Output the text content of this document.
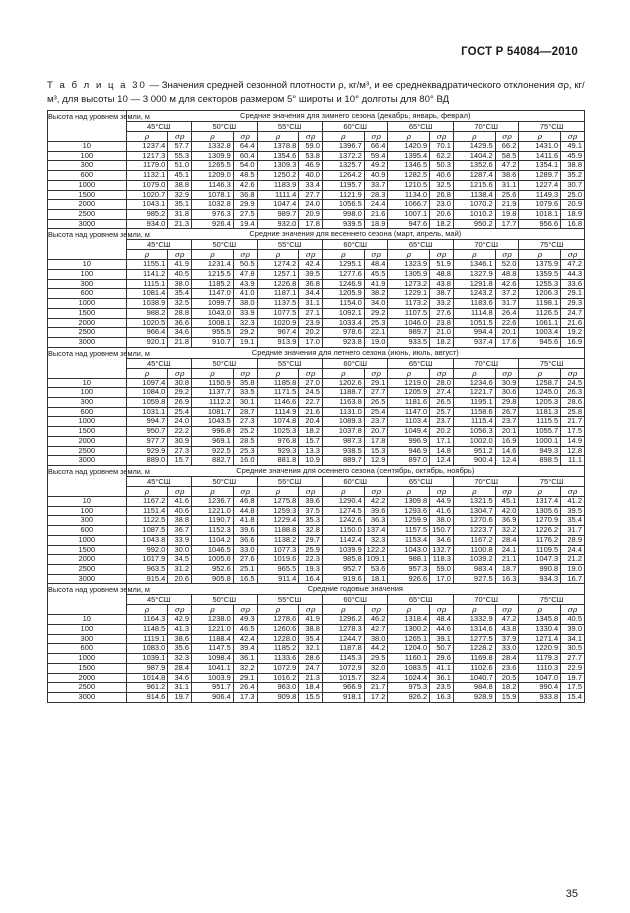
ГОСТ Р 54084—2010
Т а б л и ц а 30 — Значения средней сезонной плотности ρ, кг/м³, и ее среднеквадратического отклонения σρ, кг/м³, для высоты 10 — 3 000 м для секторов размером 5° широты и 10° долготы для 80° ВД
Высота над уровнем земли, м	Средние значения для зимнего сезона (декабрь, январь, феврал)													
	45°СШ		50°СШ		55°СШ		60°СШ		65°СШ		70°СШ		75°СШ	
	ρ	σρ	ρ	σρ	ρ	σρ	ρ	σρ	ρ	σρ	ρ	σρ	ρ	σρ
10	1237.4	57.7	1332.8	64.4	1378.8	59.0	1396.7	66.4	1420.9	70.1	1429.5	66.2	1431.0	49.1
100	1217.3	55.3	1309.9	60.4	1354.6	53.8	1372.2	59.4	1395.4	62.2	1404.2	58.5	1411.6	45.9
300	1179.0	51.0	1265.5	54.0	1309.3	46.9	1325.7	49.2	1346.5	50.3	1352.6	47.2	1354.1	38.8
600	1132.1	45.1	1209.0	48.5	1250.2	40.0	1264.2	40.9	1282.5	40.6	1287.4	38.6	1289.7	35.2
1000	1079.0	38.8	1146.3	42.6	1183.9	33.4	1195.7	33.7	1210.5	32.5	1215.6	31.1	1227.4	30.7
1500	1020.7	32.9	1078.1	36.8	1111.4	27.7	1121.9	28.3	1134.0	26.8	1138.4	25.6	1149.3	25.0
2000	1043.1	35.1	1032.8	29.9	1047.4	24.0	1056.5	24.4	1066.7	23.0	1070.2	21.9	1079.6	20.9
2500	985.2	31.8	976.3	27.5	989.7	20.9	998.0	21.6	1007.1	20.6	1010.2	19.8	1018.1	18.9
3000	934.0	21.3	926.4	19.4	932.0	17.8	939.5	18.9	947.6	18.2	950.2	17.7	956.6	16.8
Высота над уровнем земли, м	Средние значения для весеннего сезона (март, апрель, май)													
	45°СШ		50°СШ		55°СШ		60°СШ		65°СШ		70°СШ		75°СШ	
	ρ	σρ	ρ	σρ	ρ	σρ	ρ	σρ	ρ	σρ	ρ	σρ	ρ	σρ
10	1155.1	41.9	1231.4	50.5	1274.2	42.4	1295.1	48.4	1323.9	51.9	1346.1	52.0	1375.9	47.2
100	1141.2	40.5	1215.5	47.8	1257.1	39.5	1277.6	45.5	1305.9	48.8	1327.9	48.8	1359.5	44.3
300	1115.1	38.0	1185.2	43.9	1226.8	36.8	1246.9	41.9	1273.2	43.8	1291.8	42.6	1255.3	33.6
600	1081.4	35.4	1147.0	41.0	1187.1	34.4	1205.9	38.2	1229.1	38.7	1243.2	37.2	1206.3	29.1
1000	1038.9	32.5	1099.7	38.0	1137.5	31.1	1154.0	34.0	1173.2	33.2	1183.6	31.7	1198.1	29.3
1500	988.2	28.8	1043.0	33.9	1077.5	27.1	1092.1	29.2	1107.5	27.6	1114.8	26.4	1126.5	24.7
2000	1020.5	36.6	1008.1	32.3	1020.9	23.9	1033.4	25.3	1046.0	23.8	1051.5	22.6	1061.1	21.6
2500	966.4	34.6	955.5	29.2	967.4	20.2	978.6	22.1	989.7	21.0	994.4	20.1	1003.4	19.2
3000	920.1	21.8	910.7	19.1	913.9	17.0	923.8	19.0	933.5	18.2	937.4	17.6	945.6	16.9
Высота над уровнем земли, м	Средние значения для летнего сезона (июнь, июль, август)													
	45°СШ		50°СШ		55°СШ		60°СШ		65°СШ		70°СШ		75°СШ	
	ρ	σρ	ρ	σρ	ρ	σρ	ρ	σρ	ρ	σρ	ρ	σρ	ρ	σρ
10	1097.4	30.8	1150.9	35.8	1185.8	27.0	1202.6	29.1	1219.0	28.0	1234.6	30.9	1258.7	24.5
100	1084.0	29.2	1137.7	33.5	1171.5	24.5	1188.7	27.7	1205.9	27.4	1221.7	30.6	1245.0	26.3
300	1059.8	26.9	1112.2	30.1	1146.6	22.7	1163.8	26.5	1181.6	26.5	1195.1	29.8	1205.3	28.6
600	1031.1	25.4	1081.7	28.7	1114.9	21.6	1131.0	25.4	1147.0	25.7	1158.6	26.7	1181.3	25.8
1000	994.7	24.0	1043.5	27.3	1074.8	20.4	1089.3	23.7	1103.4	23.7	1115.4	23.7	1115.5	21.7
1500	950.7	22.2	996.8	25.2	1025.3	18.2	1037.8	20.7	1049.4	20.2	1056.3	20.1	1055.7	17.5
2000	977.7	30.9	969.1	28.5	976.8	15.7	987.3	17.8	996.9	17.1	1002.0	16.9	1000.1	14.9
2500	929.9	27.3	922.5	25.3	929.3	13.3	938.5	15.3	946.9	14.8	951.2	14.6	949.3	12.8
3000	889.0	15.7	882.7	16.0	881.8	10.9	889.7	12.9	897.0	12.4	900.4	12.4	898.5	11.1
Высота над уровнем земли, м	Средние значения для осеннего сезона (сентябрь, октябрь, ноябрь)													
	45°СШ		50°СШ		55°СШ		60°СШ		65°СШ		70°СШ		75°СШ	
	ρ	σρ	ρ	σρ	ρ	σρ	ρ	σρ	ρ	σρ	ρ	σρ	ρ	σρ
10	1167.2	41.6	1236.7	46.8	1275.8	39.6	1290.4	42.2	1309.8	44.9	1321.5	45.1	1317.4	41.2
100	1151.4	40.6	1221.0	44.8	1259.3	37.5	1274.5	39.6	1293.6	41.6	1304.7	42.0	1305.6	39.5
300	1122.5	38.8	1190.7	41.8	1229.4	35.3	1242.6	36.3	1259.9	38.0	1270.6	36.9	1270.9	35.4
600	1087.5	36.7	1152.3	39.6	1188.8	32.8	1150.0	137.4	1157.5	150.7	1223.7	32.2	1226.2	31.7
1000	1043.8	33.9	1104.2	36.6	1138.2	29.7	1142.4	32.3	1153.4	34.6	1167.2	28.4	1176.2	28.9
1500	992.0	30.0	1046.5	33.0	1077.3	25.9	1039.9	122.2	1043.0	132.7	1100.8	24.1	1109.5	24.4
2000	1017.9	34.5	1005.6	27.6	1019.6	22.3	985.8	109.1	988.1	118.3	1039.2	21.1	1047.3	21.2
2500	963.5	31.2	952.6	25.1	965.5	19.3	952.7	53.6	957.3	59.0	983.4	18.7	990.8	19.0
3000	915.4	20.6	905.8	16.5	911.4	16.4	919.6	18.1	926.6	17.0	927.5	16.3	934.3	16.7
Высота над уровнем земли, м	Средние годовые значения													
	45°СШ		50°СШ		55°СШ		60°СШ		65°СШ		70°СШ		75°СШ	
	ρ	σρ	ρ	σρ	ρ	σρ	ρ	σρ	ρ	σρ	ρ	σρ	ρ	σρ
10	1164.3	42.9	1238.0	49.3	1278.6	41.9	1296.2	46.2	1318.4	48.4	1332.9	47.2	1345.8	40.5
100	1148.5	41.3	1221.0	46.5	1260.6	38.8	1278.3	42.7	1300.2	44.6	1314.6	43.8	1330.4	39.0
300	1119.1	38.6	1188.4	42.4	1228.0	35.4	1244.7	38.0	1265.1	39.1	1277.5	37.9	1271.4	34.1
600	1083.0	35.6	1147.5	39.4	1185.2	32.1	1187.8	44.2	1204.0	50.7	1228.2	33.0	1220.9	30.5
1000	1039.1	32.3	1098.4	36.1	1133.6	28.6	1145.3	29.5	1160.1	29.6	1169.8	28.4	1179.3	27.7
1500	987.9	28.4	1041.1	32.2	1072.9	24.7	1072.9	32.0	1083.5	41.1	1102.6	23.6	1110.3	22.9
2000	1014.8	34.6	1003.9	29.1	1016.2	21.3	1015.7	32.4	1024.4	36.1	1040.7	20.5	1047.0	19.7
2500	961.2	31.1	951.7	26.4	963.0	18.4	966.9	21.7	975.3	23.5	984.8	18.2	990.4	17.5
3000	914.6	19.7	906.4	17.3	909.8	15.5	918.1	17.2	926.2	16.3	928.9	15.9	933.8	15.4
35
